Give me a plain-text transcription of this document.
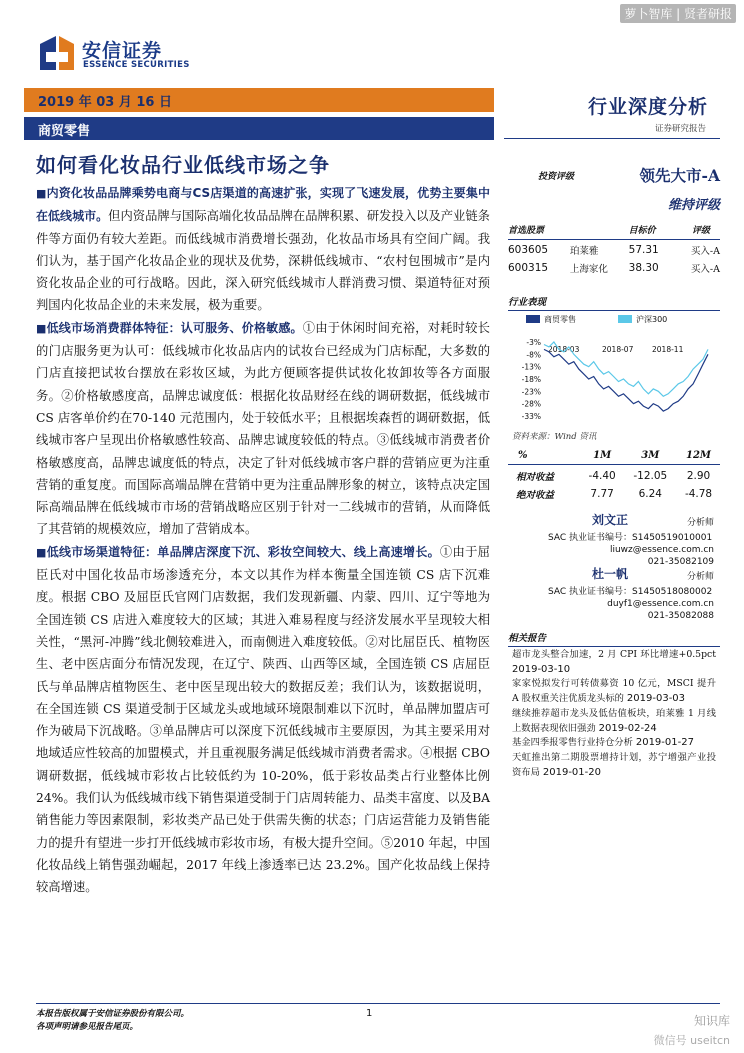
萝卜智库 | 贤者研报
安信证券
ESSENCE SECURITIES
2019 年 03 月 16 日
商贸零售
行业深度分析
证券研究报告
如何看化妆品行业低线市场之争

■内资化妆品品牌乘势电商与CS店渠道的高速扩张，实现了飞速发展，优势主要集中在低线城市。但内资品牌与国际高端化妆品品牌在品牌积累、研发投入以及产业链条件等方面仍有较大差距。而低线城市消费增长强劲，化妆品市场具有空间广阔。我们认为，基于国产化妆品企业的现状及优势，深耕低线城市、“农村包围城市”是内资化妆品企业的可行战略。因此，深入研究低线城市人群消费习惯、渠道特征对预判国内化妆品企业的未来发展，极为重要。

■低线市场消费群体特征：认可服务、价格敏感。①由于休闲时间充裕，对耗时较长的门店服务更为认可：低线城市化妆品店内的试妆台已经成为门店标配，大多数的门店直接把试妆台摆放在彩妆区域，为此方便顾客提供试妆化妆卸妆等各方面服务。②价格敏感度高，品牌忠诚度低：根据化妆品财经在线的调研数据，低线城市 CS 店客单价约在70-140 元范围内，处于较低水平；且根据埃森哲的调研数据，低线城市客户呈现出价格敏感性较高、品牌忠诚度较低的特点。③低线城市消费者价格敏感度高，品牌忠诚度低的特点，决定了针对低线城市客户群的营销应更为注重营销的重复度。而国际高端品牌在营销中更为注重品牌形象的树立，该特点决定国际高端品牌在低线城市市场的营销战略应区别于针对一二线城市的营销，从而降低了其营销的规模效应，增加了营销成本。

■低线市场渠道特征：单品牌店深度下沉、彩妆空间较大、线上高速增长。①由于屈臣氏对中国化妆品市场渗透充分，本文以其作为样本衡量全国连锁 CS 店下沉难度。根据 CBO 及屈臣氏官网门店数据，我们发现新疆、内蒙、四川、辽宁等地为全国连锁 CS 店进入难度较大的区域；其进入难易程度与经济发展水平呈现较大相关性，“黑河-冲腾”线北侧较难进入，而南侧进入难度较低。②对比屈臣氏、植物医生、老中医店面分布情况发现，在辽宁、陕西、山西等区域，全国连锁 CS 店屈臣氏与单品牌店植物医生、老中医呈现出较大的数据反差；我们认为，该数据说明，在全国连锁 CS 渠道受制于区域龙头或地域环境限制难以下沉时，单品牌加盟店可作为破局下沉战略。③单品牌店可以深度下沉低线城市主要原因，为其主要采用对地域适应性较高的加盟模式，并且重视服务满足低线城市消费者需求。④根据 CBO 调研数据，低线城市彩妆占比较低约为 10-20%，低于彩妆品类占行业整体比例24%。我们认为低线城市线下销售渠道受制于门店周转能力、品类丰富度、以及BA 销售能力等因素限制，彩妆类产品已处于供需失衡的状态；门店运营能力及销售能力的提升有望进一步打开低线城市彩妆市场，有极大提升空间。⑤2010 年起，中国化妆品线上销售强劲崛起，2017 年线上渗透率已达 23.2%。国产化妆品线上保持较高增速。

投资评级	领先大市-A
维持评级
首选股票		目标价	评级
603605	珀莱雅	57.31	买入-A
600315	上海家化	38.30	买入-A
行业表现
商贸零售	沪深300
-3%
-8%
-13%
-18%
-23%
-28%
-33%
2018-03	2018-07 2018-11
资料来源：Wind 资讯
%	1M	3M	12M
相对收益	-4.40	-12.05	2.90
绝对收益	7.77	6.24	-4.78
刘文正	分析师
SAC 执业证书编号：S1450519010001
liuwz@essence.com.cn
021-35082109
杜一帆	分析师
SAC 执业证书编号：S1450518080002
duyf1@essence.com.cn
021-35082088
相关报告
超市龙头整合加速，2 月 CPI 环比增速+0.5pct 2019-03-10
家家悦拟发行可转债募资 10 亿元，MSCI 提升 A 股权重关注优质龙头标的 2019-03-03
继续推荐超市龙头及低估值板块，珀莱雅 1 月线上数据表现依旧强劲 2019-02-24
基金四季报零售行业持仓分析 2019-01-27
天虹推出第二期股票增持计划，苏宁增强产业投资布局 2019-01-20
本报告版权属于安信证券股份有限公司。
各项声明请参见报告尾页。
1
知识库
微信号 useitcn
